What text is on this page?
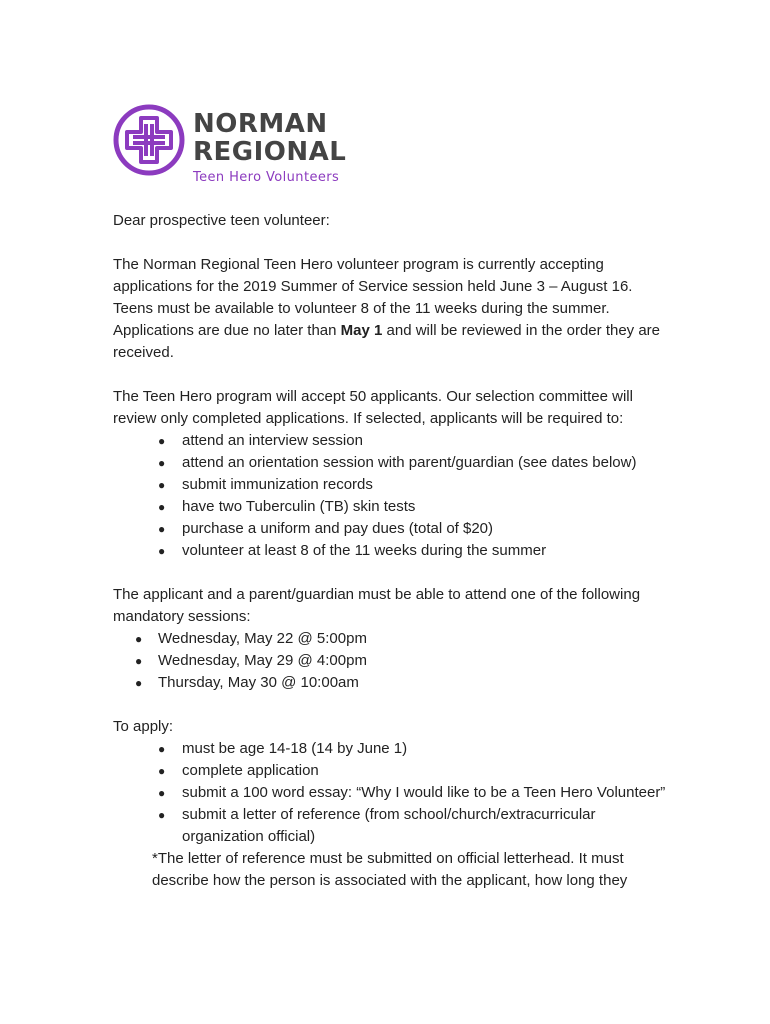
NORMAN
REGIONAL
Teen Hero Volunteers

Dear prospective teen volunteer:

The Norman Regional Teen Hero volunteer program is currently accepting applications for the 2019 Summer of Service session held June 3 – August 16. Teens must be available to volunteer 8 of the 11 weeks during the summer. Applications are due no later than May 1 and will be reviewed in the order they are received.

The Teen Hero program will accept 50 applicants. Our selection committee will review only completed applications. If selected, applicants will be required to:

● attend an interview session
● attend an orientation session with parent/guardian (see dates below)
● submit immunization records
● have two Tuberculin (TB) skin tests
● purchase a uniform and pay dues (total of $20)
● volunteer at least 8 of the 11 weeks during the summer

The applicant and a parent/guardian must be able to attend one of the following mandatory sessions:

● Wednesday, May 22 @ 5:00pm
● Wednesday, May 29 @ 4:00pm
● Thursday, May 30 @ 10:00am

To apply:

● must be age 14-18 (14 by June 1)
● complete application
● submit a 100 word essay: “Why I would like to be a Teen Hero Volunteer”
● submit a letter of reference (from school/church/extracurricular organization official)

*The letter of reference must be submitted on official letterhead. It must describe how the person is associated with the applicant, how long they
